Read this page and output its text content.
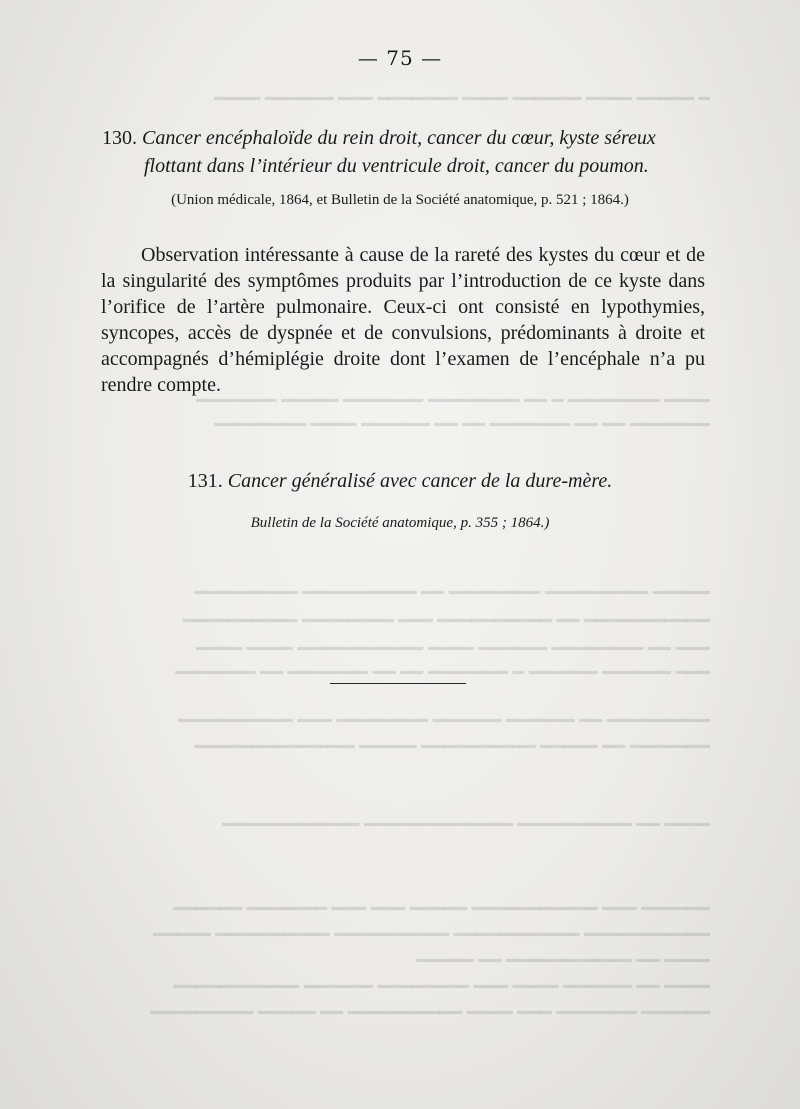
━ ━━━━━ ━━━━ ━━━━━━ ━━━━ ━━━━━━━ ━━━ ━━━━━━ ━━━━
━━━━ ━━━━━━━━ ━ ━━ ━━━━━━━━ ━━━━━━━ ━━━━━ ━━━━━━━
━━━━━━━ ━━ ━━ ━━━━━━━ ━━ ━━ ━━━━━━ ━━━━ ━━━━━━━━
━━━━━ ━━━━━━━━━ ━━━━━━━━ ━━ ━━━━━━━━━━ ━━━━━━━━━
━━━━━━━━━━━ ━━ ━━━━━━━━━━ ━━━ ━━━━━━━━ ━━━━━━━━━━
━━━ ━━ ━━━━━━━━ ━━━━━━ ━━━━ ━━━━━━━━━━━ ━━━━ ━━━━
━━━ ━━━━━━ ━━━━━━ ━ ━━━━━━━ ━━ ━━ ━━━━━━━ ━━ ━━━━━━━
━━━━━━━━━ ━━ ━━━━━━ ━━━━━━ ━━━━━━━━ ━━━ ━━━━━━━━━━
━━━━━━━ ━━ ━━━━━ ━━━━━━━━━━ ━━━━━ ━━━━━━━━━━━━━━
━━━━ ━━ ━━━━━━━━━━ ━━━━━━━━━━━━━ ━━━━━━━━━━━━
━━━━━━ ━━━ ━━━━━━━━━━━ ━━━━━ ━━━ ━━━ ━━━━━━━ ━━━━━━
━━━━━━━━━━━ ━━━━━━━━━━━ ━━━━━━━━━━ ━━━━━━━━━━ ━━━━━
━━━━ ━━ ━━━━━━━━━━━ ━━ ━━━━━
━━━━ ━━ ━━━━━━ ━━━━ ━━━ ━━━━━━━━ ━━━━━━ ━━━━━━━━━━━
━━━━━━ ━━━━━━━ ━━━ ━━━━ ━━━━━━━━━━ ━━ ━━━━━ ━━━━━━━━━
— 75 —
130. Cancer encéphaloïde du rein droit, cancer du cœur, kyste séreux
flottant dans l’intérieur du ventricule droit, cancer du poumon.
(Union médicale, 1864, et Bulletin de la Société anatomique, p. 521 ; 1864.)
Observation intéressante à cause de la rareté des kystes du cœur et de la singularité des symptômes produits par l’introduction de ce kyste dans l’orifice de l’artère pulmonaire. Ceux-ci ont consisté en lypothymies, syncopes, accès de dyspnée et de convulsions, prédominants à droite et accompagnés d’hémiplégie droite dont l’examen de l’encéphale n’a pu rendre compte.
131. Cancer généralisé avec cancer de la dure-mère.
Bulletin de la Société anatomique, p. 355 ; 1864.)
